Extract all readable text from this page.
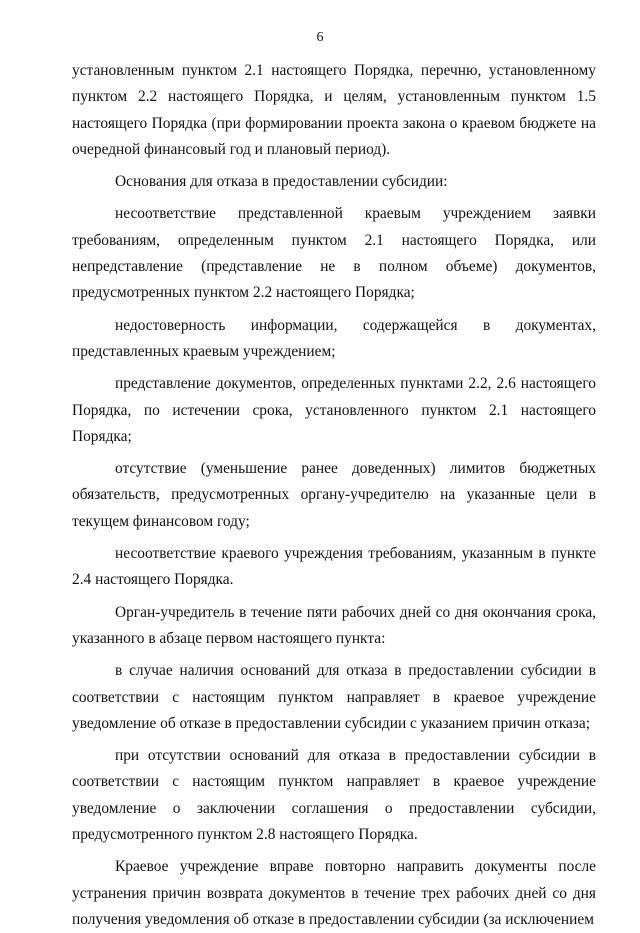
6

установленным пунктом 2.1 настоящего Порядка, перечню, установленному пунктом 2.2 настоящего Порядка, и целям, установленным пунктом 1.5 настоящего Порядка (при формировании проекта закона о краевом бюджете на очередной финансовый год и плановый период).

Основания для отказа в предоставлении субсидии:

несоответствие представленной краевым учреждением заявки требованиям, определенным пунктом 2.1 настоящего Порядка, или непредставление (представление не в полном объеме) документов, предусмотренных пунктом 2.2 настоящего Порядка;

недостоверность информации, содержащейся в документах, представленных краевым учреждением;

представление документов, определенных пунктами 2.2, 2.6 настоящего Порядка, по истечении срока, установленного пунктом 2.1 настоящего Порядка;

отсутствие (уменьшение ранее доведенных) лимитов бюджетных обязательств, предусмотренных органу-учредителю на указанные цели в текущем финансовом году;

несоответствие краевого учреждения требованиям, указанным в пункте 2.4 настоящего Порядка.

Орган-учредитель в течение пяти рабочих дней со дня окончания срока, указанного в абзаце первом настоящего пункта:

в случае наличия оснований для отказа в предоставлении субсидии в соответствии с настоящим пунктом направляет в краевое учреждение уведомление об отказе в предоставлении субсидии с указанием причин отказа;

при отсутствии оснований для отказа в предоставлении субсидии в соответствии с настоящим пунктом направляет в краевое учреждение уведомление о заключении соглашения о предоставлении субсидии, предусмотренного пунктом 2.8 настоящего Порядка.

Краевое учреждение вправе повторно направить документы после устранения причин возврата документов в течение трех рабочих дней со дня получения уведомления об отказе в предоставлении субсидии (за исключением
